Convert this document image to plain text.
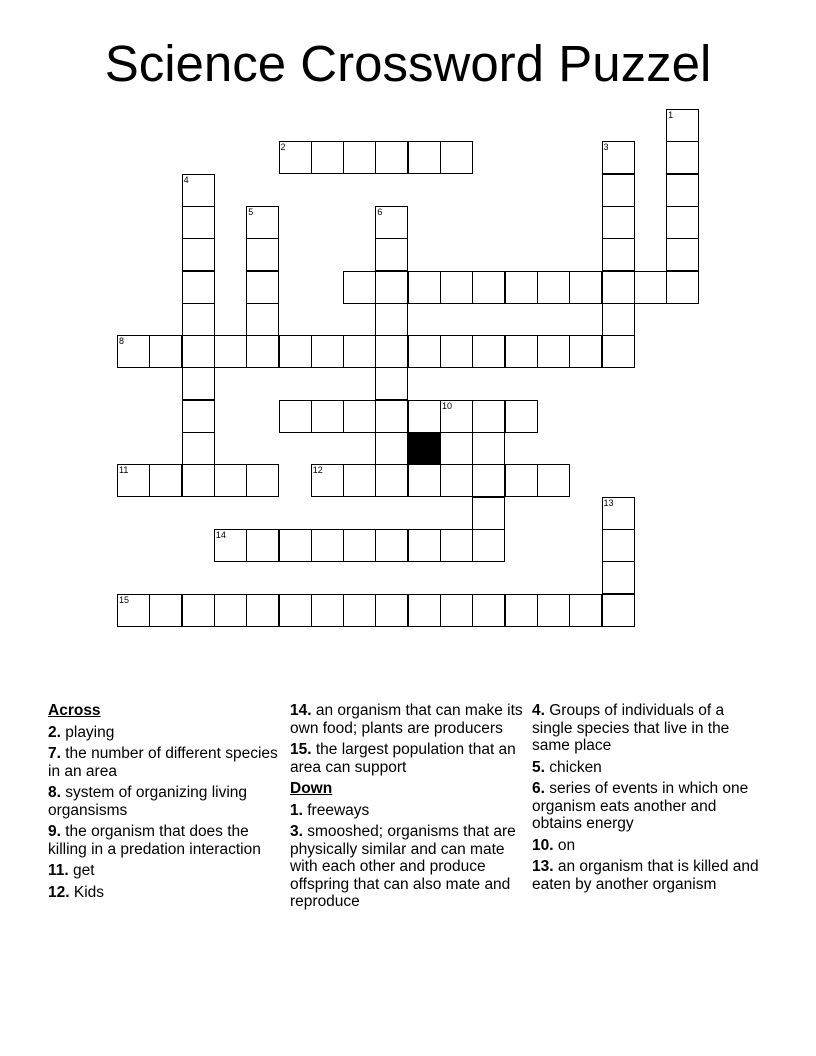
Science Crossword Puzzel
1
2	3
4
5	6
8
10
11	12
13
14
15
Across
2. playing
7. the number of different species in an area
8. system of organizing living organsisms
9. the organism that does the killing in a predation interaction
11. get
12. Kids
14. an organism that can make its own food; plants are producers
15. the largest population that an area can support
Down
1. freeways
3. smooshed; organisms that are physically similar and can mate with each other and produce offspring that can also mate and reproduce
4. Groups of individuals of a single species that live in the same place
5. chicken
6. series of events in which one organism eats another and obtains energy
10. on
13. an organism that is killed and eaten by another organism
